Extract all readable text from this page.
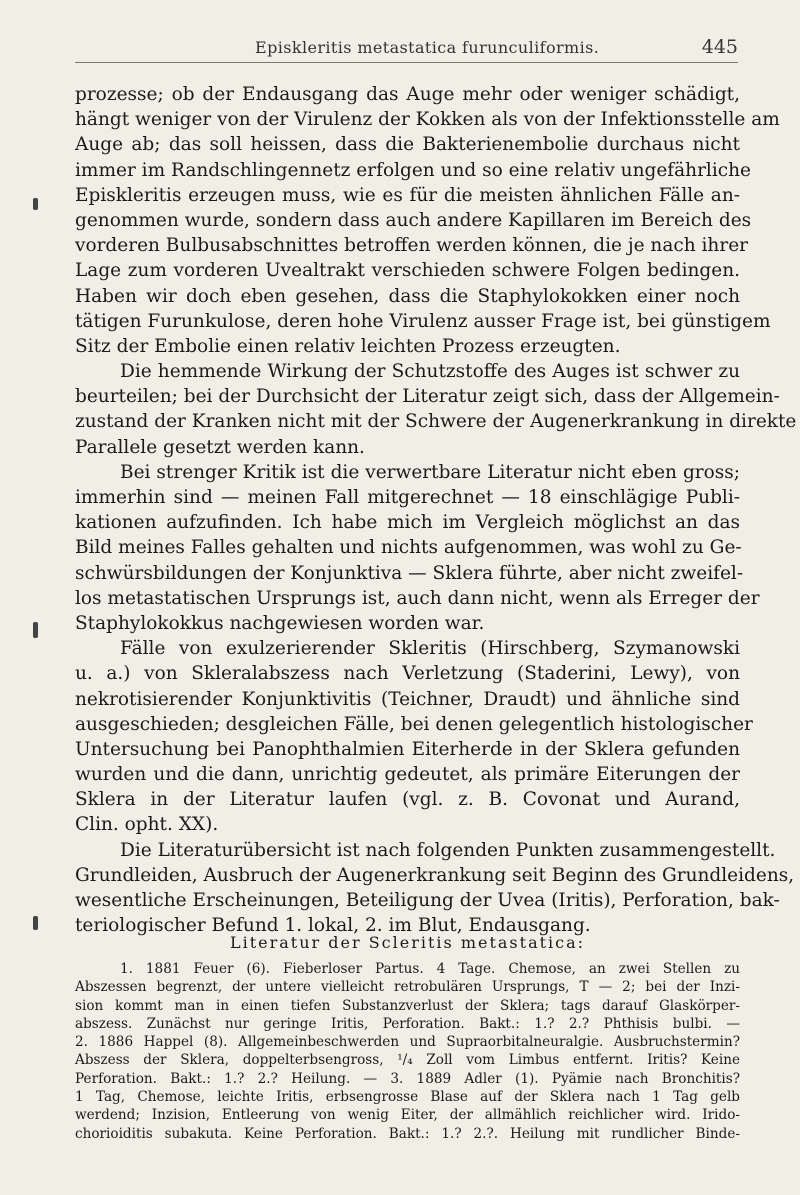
Episkleritis metastatica furunculiformis.	445
prozesse; ob der Endausgang das Auge mehr oder weniger schädigt,
hängt weniger von der Virulenz der Kokken als von der Infektionsstelle am
Auge ab; das soll heissen, dass die Bakterienembolie durchaus nicht
immer im Randschlingennetz erfolgen und so eine relativ ungefährliche
Episkleritis erzeugen muss, wie es für die meisten ähnlichen Fälle an-
genommen wurde, sondern dass auch andere Kapillaren im Bereich des
vorderen Bulbusabschnittes betroffen werden können, die je nach ihrer
Lage zum vorderen Uvealtrakt verschieden schwere Folgen bedingen.
Haben wir doch eben gesehen, dass die Staphylokokken einer noch
tätigen Furunkulose, deren hohe Virulenz ausser Frage ist, bei günstigem
Sitz der Embolie einen relativ leichten Prozess erzeugten.
Die hemmende Wirkung der Schutzstoffe des Auges ist schwer zu
beurteilen; bei der Durchsicht der Literatur zeigt sich, dass der Allgemein-
zustand der Kranken nicht mit der Schwere der Augenerkrankung in direkte
Parallele gesetzt werden kann.
Bei strenger Kritik ist die verwertbare Literatur nicht eben gross;
immerhin sind — meinen Fall mitgerechnet — 18 einschlägige Publi-
kationen aufzufinden. Ich habe mich im Vergleich möglichst an das
Bild meines Falles gehalten und nichts aufgenommen, was wohl zu Ge-
schwürsbildungen der Konjunktiva — Sklera führte, aber nicht zweifel-
los metastatischen Ursprungs ist, auch dann nicht, wenn als Erreger der
Staphylokokkus nachgewiesen worden war.
Fälle von exulzerierender Skleritis (Hirschberg, Szymanowski
u. a.) von Skleralabszess nach Verletzung (Staderini, Lewy), von
nekrotisierender Konjunktivitis (Teichner, Draudt) und ähnliche sind
ausgeschieden; desgleichen Fälle, bei denen gelegentlich histologischer
Untersuchung bei Panophthalmien Eiterherde in der Sklera gefunden
wurden und die dann, unrichtig gedeutet, als primäre Eiterungen der
Sklera in der Literatur laufen (vgl. z. B. Covonat und Aurand,
Clin. opht. XX).
Die Literaturübersicht ist nach folgenden Punkten zusammengestellt.
Grundleiden, Ausbruch der Augenerkrankung seit Beginn des Grundleidens,
wesentliche Erscheinungen, Beteiligung der Uvea (Iritis), Perforation, bak-
teriologischer Befund 1. lokal, 2. im Blut, Endausgang.
Literatur der Scleritis metastatica:
1. 1881 Feuer (6). Fieberloser Partus. 4 Tage. Chemose, an zwei Stellen zu
Abszessen begrenzt, der untere vielleicht retrobulären Ursprungs, T — 2; bei der Inzi-
sion kommt man in einen tiefen Substanzverlust der Sklera; tags darauf Glaskörper-
abszess. Zunächst nur geringe Iritis, Perforation. Bakt.: 1.? 2.? Phthisis bulbi. —
2. 1886 Happel (8). Allgemeinbeschwerden und Supraorbitalneuralgie. Ausbruchstermin?
Abszess der Sklera, doppelterbsengross, ¹/₄ Zoll vom Limbus entfernt. Iritis? Keine
Perforation. Bakt.: 1.? 2.? Heilung. — 3. 1889 Adler (1). Pyämie nach Bronchitis?
1 Tag, Chemose, leichte Iritis, erbsengrosse Blase auf der Sklera nach 1 Tag gelb
werdend; Inzision, Entleerung von wenig Eiter, der allmählich reichlicher wird. Irido-
chorioiditis subakuta. Keine Perforation. Bakt.: 1.? 2.?. Heilung mit rundlicher Binde-
